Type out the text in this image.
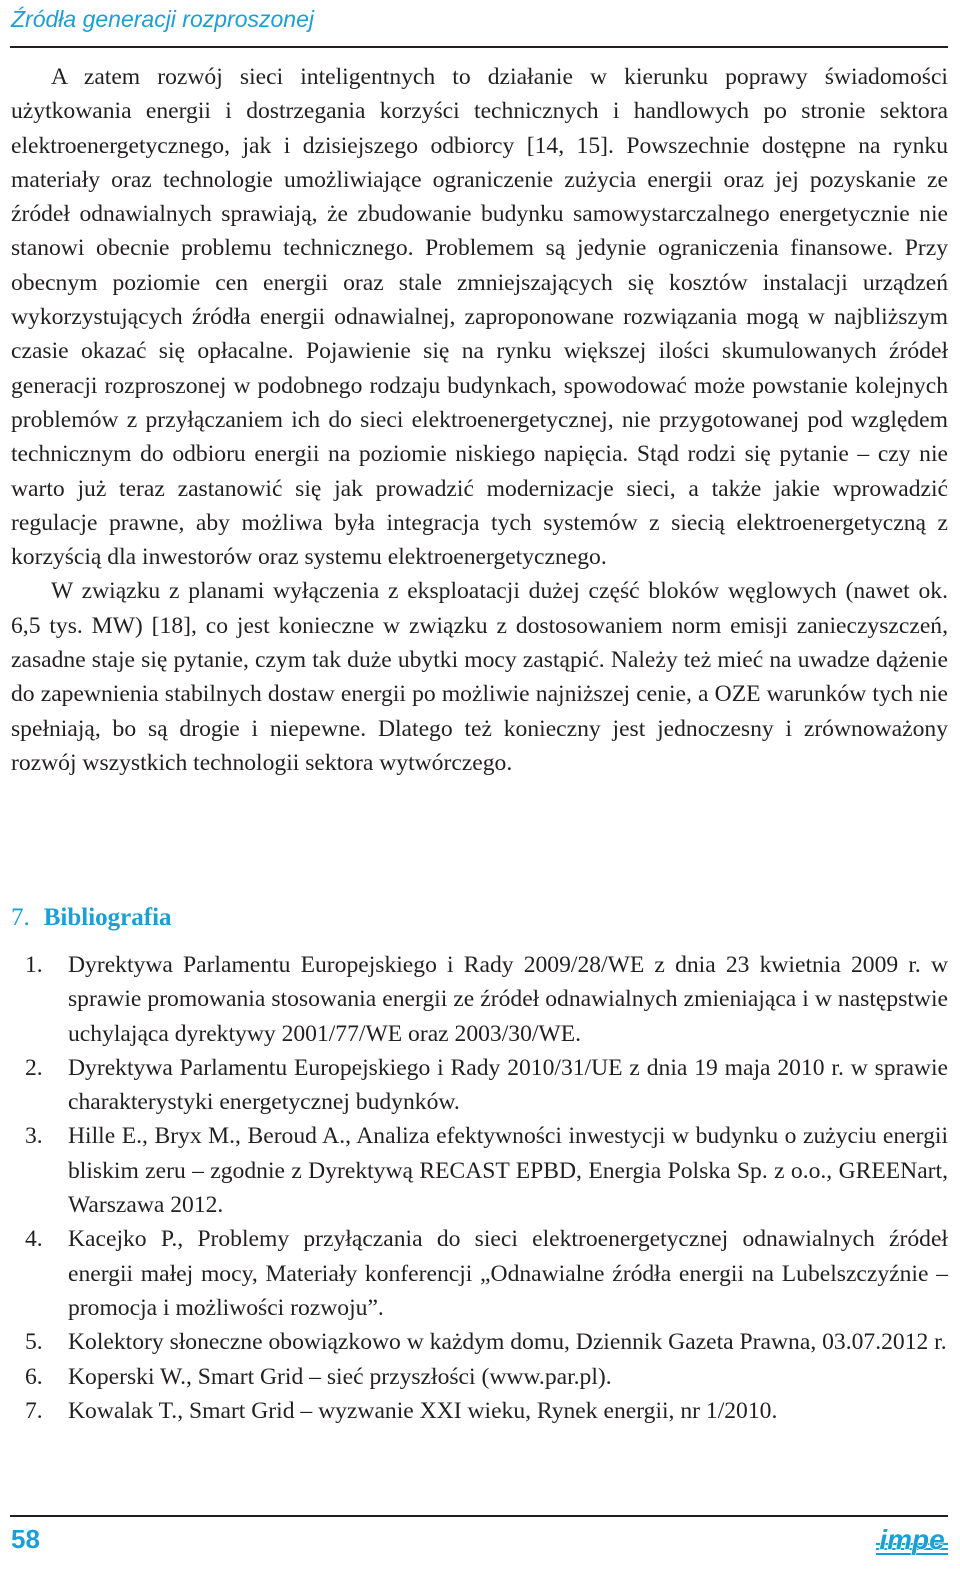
Źródła generacji rozproszonej

A zatem rozwój sieci inteligentnych to działanie w kierunku poprawy świadomości użytkowania energii i dostrzegania korzyści technicznych i handlowych po stronie sektora elektroenergetycznego, jak i dzisiejszego odbiorcy [14, 15]. Powszechnie dostępne na rynku materiały oraz technologie umożliwiające ograniczenie zużycia energii oraz jej pozyskanie ze źródeł odnawialnych sprawiają, że zbudowanie budynku samowystarczalnego energetycznie nie stanowi obecnie problemu technicznego. Problemem są jedynie ograniczenia finansowe. Przy obecnym poziomie cen energii oraz stale zmniejszających się kosztów instalacji urządzeń wykorzystujących źródła energii odnawialnej, zaproponowane rozwiązania mogą w najbliższym czasie okazać się opłacalne. Pojawienie się na rynku większej ilości skumulowanych źródeł generacji rozproszonej w podobnego rodzaju budynkach, spowodować może powstanie kolejnych problemów z przyłączaniem ich do sieci elektroenergetycznej, nie przygotowanej pod względem technicznym do odbioru energii na poziomie niskiego napięcia. Stąd rodzi się pytanie – czy nie warto już teraz zastanowić się jak prowadzić modernizacje sieci, a także jakie wprowadzić regulacje prawne, aby możliwa była integracja tych systemów z siecią elektroenergetyczną z korzyścią dla inwestorów oraz systemu elektroenergetycznego.

W związku z planami wyłączenia z eksploatacji dużej część bloków węglowych (nawet ok. 6,5 tys. MW) [18], co jest konieczne w związku z dostosowaniem norm emisji zanieczyszczeń, zasadne staje się pytanie, czym tak duże ubytki mocy zastąpić. Należy też mieć na uwadze dążenie do zapewnienia stabilnych dostaw energii po możliwie najniższej cenie, a OZE warunków tych nie spełniają, bo są drogie i niepewne. Dlatego też konieczny jest jednoczesny i zrównoważony rozwój wszystkich technologii sektora wytwórczego.

7. Bibliografia
1.	Dyrektywa Parlamentu Europejskiego i Rady 2009/28/WE z dnia 23 kwietnia 2009 r. w sprawie promowania stosowania energii ze źródeł odnawialnych zmieniająca i w następstwie uchylająca dyrektywy 2001/77/WE oraz 2003/30/WE.
2.	Dyrektywa Parlamentu Europejskiego i Rady 2010/31/UE z dnia 19 maja 2010 r. w sprawie charakterystyki energetycznej budynków.
3.	Hille E., Bryx M., Beroud A., Analiza efektywności inwestycji w budynku o zużyciu energii bliskim zeru – zgodnie z Dyrektywą RECAST EPBD, Energia Polska Sp. z o.o., GREENart, Warszawa 2012.
4.	Kacejko P., Problemy przyłączania do sieci elektroenergetycznej odnawialnych źródeł energii małej mocy, Materiały konferencji „Odnawialne źródła energii na Lubelszczyźnie – promocja i możliwości rozwoju”.
5.	Kolektory słoneczne obowiązkowo w każdym domu, Dziennik Gazeta Prawna, 03.07.2012 r.
6.	Koperski W., Smart Grid – sieć przyszłości (www.par.pl).
7.	Kowalak T., Smart Grid – wyzwanie XXI wieku, Rynek energii, nr 1/2010.
58	impe
